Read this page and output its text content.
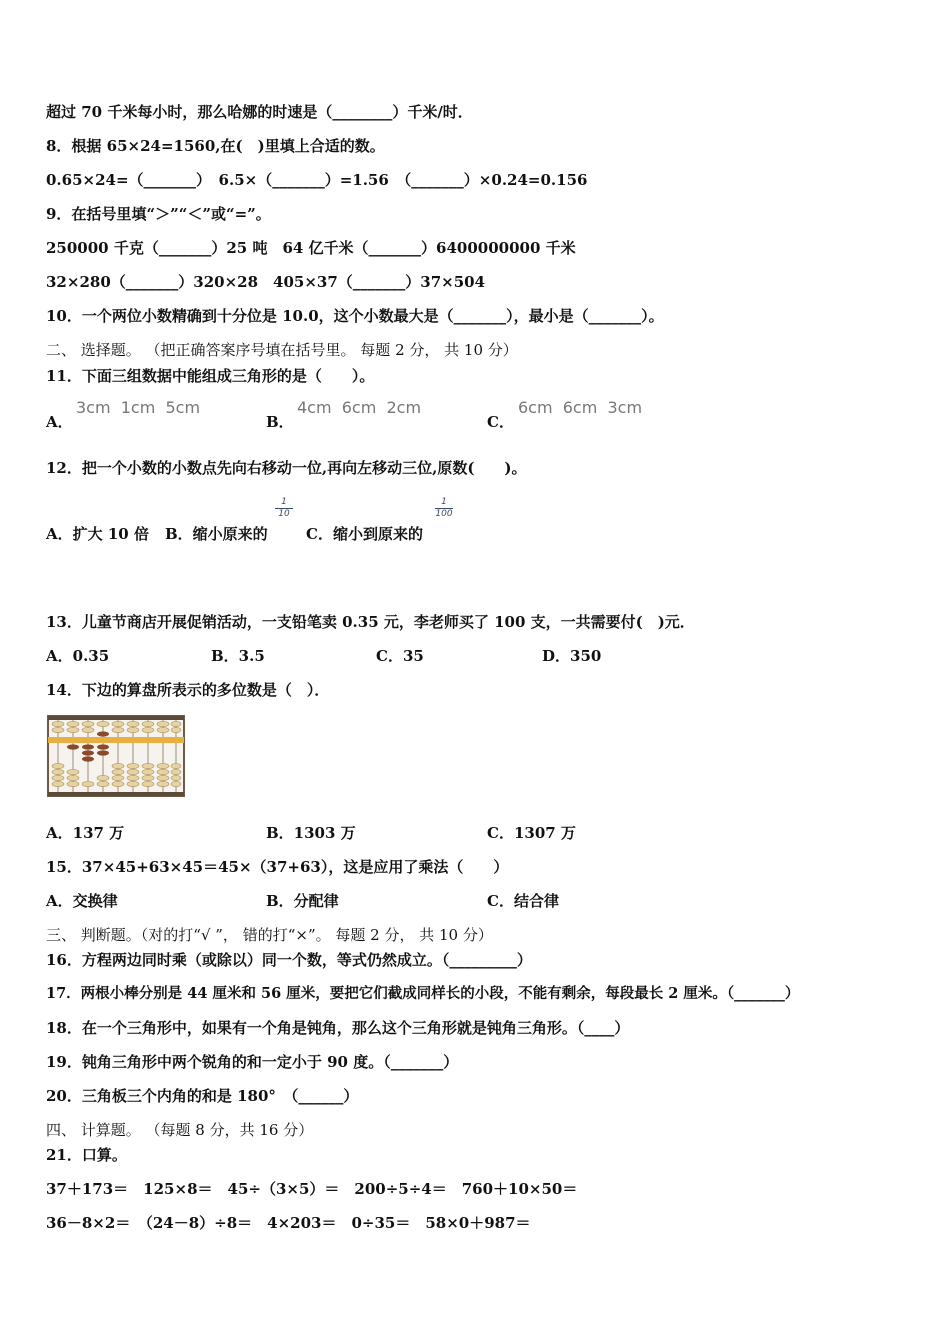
超过 70 千米每小时，那么哈娜的时速是（________）千米/时．
8．根据 65×24=1560,在(　)里填上合适的数。
0.65×24=（_______）　6.5×（_______）=1.56　（_______）×0.24=0.156
9．在括号里填“＞”“＜”或“=”。
250000 千克（_______）25 吨　64 亿千米（_______）6400000000 千米
32×280（_______）320×28　405×37（_______）37×504
10．一个两位小数精确到十分位是 10.0，这个小数最大是（_______），最小是（_______）。
二、 选择题。 （把正确答案序号填在括号里。 每题 2 分， 共 10 分）
11．下面三组数据中能组成三角形的是（　　）。
A．
3cm  1cm  5cm
B．
4cm  6cm  2cm
C．
6cm  6cm  3cm
12．把一个小数的小数点先向右移动一位,再向左移动三位,原数(　　)。
A．扩大 10 倍 B．缩小原来的
1
10
C．缩小到原来的
1
100
13．儿童节商店开展促销活动，一支铅笔卖 0.35 元，李老师买了 100 支，一共需要付(　)元．
A．0.35	B．3.5	C．35	D．350
14．下边的算盘所表示的多位数是（　）．
A．137 万	B．1303 万	C．1307 万
15．37×45+63×45＝45×（37+63），这是应用了乘法（　　）
A．交换律	B．分配律	C．结合律
三、 判断题。（对的打“√ ”， 错的打“×”。 每题 2 分， 共 10 分）
16．方程两边同时乘（或除以）同一个数，等式仍然成立。（_________）
17．两根小棒分别是 44 厘米和 56 厘米，要把它们截成同样长的小段，不能有剩余，每段最长 2 厘米。（_______）
18．在一个三角形中，如果有一个角是钝角，那么这个三角形就是钝角三角形。（____）
19．钝角三角形中两个锐角的和一定小于 90 度。（_______）
20．三角板三个内角的和是 180°　（______）
四、 计算题。 （每题 8 分，共 16 分）
21．口算。
37＋173＝　125×8＝　45÷（3×5）＝　200÷5÷4＝　760＋10×50＝
36－8×2＝　（24－8）÷8＝　4×203＝　0÷35＝　58×0＋987＝
